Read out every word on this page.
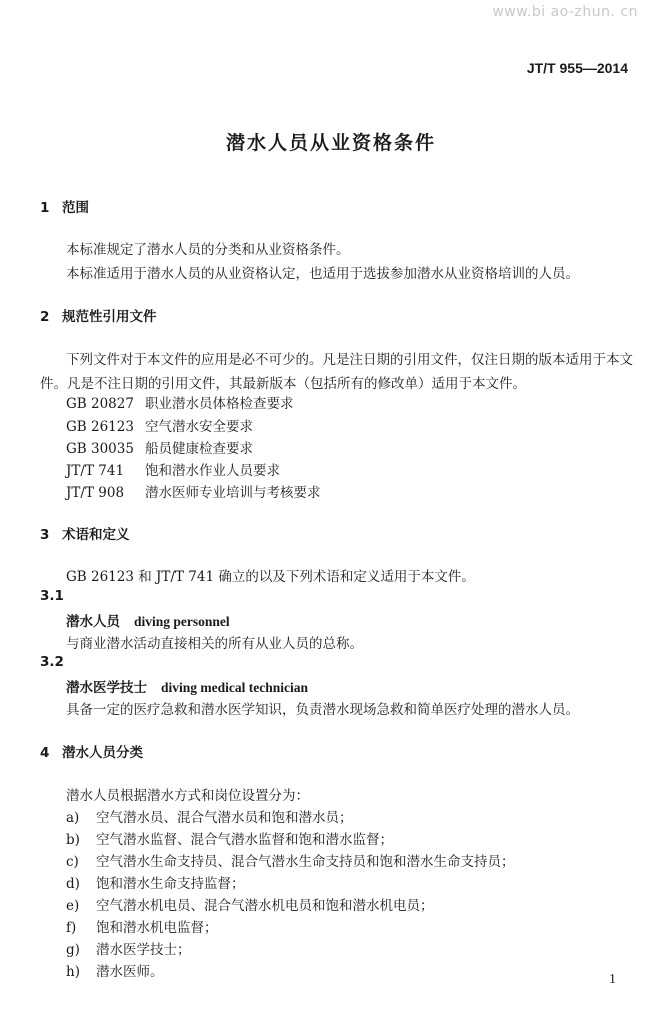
www.bi ao-zhun. cn
JT/T 955—2014
潜水人员从业资格条件
1 范围
本标准规定了潜水人员的分类和从业资格条件。
本标准适用于潜水人员的从业资格认定，也适用于选拔参加潜水从业资格培训的人员。
2 规范性引用文件
下列文件对于本文件的应用是必不可少的。凡是注日期的引用文件，仅注日期的版本适用于本文
件。凡是不注日期的引用文件，其最新版本（包括所有的修改单）适用于本文件。
GB 20827 职业潜水员体格检查要求
GB 26123 空气潜水安全要求
GB 30035 船员健康检查要求
JT/T 741 饱和潜水作业人员要求
JT/T 908 潜水医师专业培训与考核要求
3 术语和定义
GB 26123 和 JT/T 741 确立的以及下列术语和定义适用于本文件。
3.1
潜水人员 diving personnel
与商业潜水活动直接相关的所有从业人员的总称。
3.2
潜水医学技士 diving medical technician
具备一定的医疗急救和潜水医学知识，负责潜水现场急救和简单医疗处理的潜水人员。
4 潜水人员分类
潜水人员根据潜水方式和岗位设置分为：
a) 空气潜水员、混合气潜水员和饱和潜水员；
b) 空气潜水监督、混合气潜水监督和饱和潜水监督；
c) 空气潜水生命支持员、混合气潜水生命支持员和饱和潜水生命支持员；
d) 饱和潜水生命支持监督；
e) 空气潜水机电员、混合气潜水机电员和饱和潜水机电员；
f) 饱和潜水机电监督；
g) 潜水医学技士；
h) 潜水医师。	1
